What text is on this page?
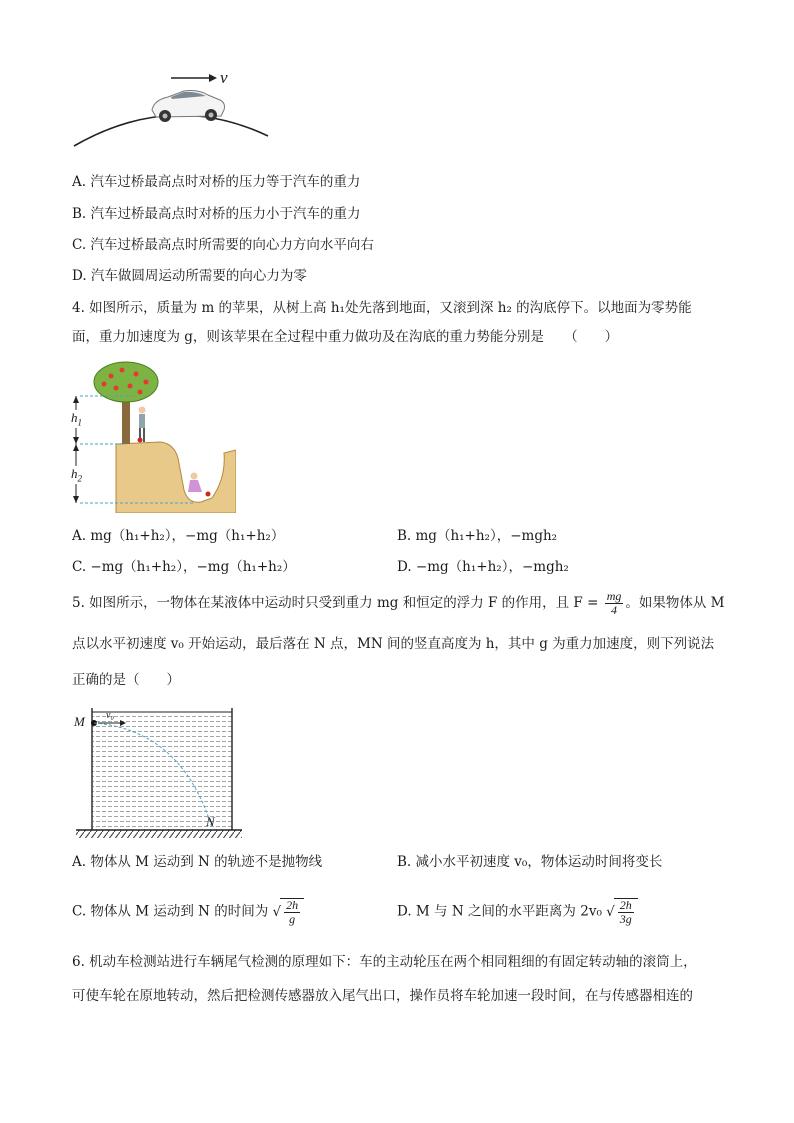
v
A. 汽车过桥最高点时对桥的压力等于汽车的重力
B. 汽车过桥最高点时对桥的压力小于汽车的重力
C. 汽车过桥最高点时所需要的向心力方向水平向右
D. 汽车做圆周运动所需要的向心力为零
4. 如图所示，质量为 m 的苹果，从树上高 h₁处先落到地面，又滚到深 h₂ 的沟底停下。以地面为零势能
面，重力加速度为 g，则该苹果在全过程中重力做功及在沟底的重力势能分别是　　（　　）
$h_1$
$h_2$
A. mg（h₁+h₂），−mg（h₁+h₂）	B. mg（h₁+h₂），−mgh₂
C. −mg（h₁+h₂），−mg（h₁+h₂）	D. −mg（h₁+h₂），−mgh₂
5. 如图所示，一物体在某液体中运动时只受到重力 mg 和恒定的浮力 F 的作用，且 $F = \frac{mg}{4}$ 。如果物体从 M
点以水平初速度 v₀ 开始运动，最后落在 N 点，MN 间的竖直高度为 h，其中 g 为重力加速度，则下列说法
正确的是（　　）
M v₀
N
A. 物体从 M 运动到 N 的轨迹不是抛物线	B. 减小水平初速度 v₀，物体运动时间将变长
C. 物体从 M 运动到 N 的时间为 √ $\frac{2h}{g}$	D. M 与 N 之间的水平距离为 2v₀ √ $\frac{2h}{3g}$
6. 机动车检测站进行车辆尾气检测的原理如下：车的主动轮压在两个相同粗细的有固定转动轴的滚筒上，
可使车轮在原地转动，然后把检测传感器放入尾气出口，操作员将车轮加速一段时间，在与传感器相连的
